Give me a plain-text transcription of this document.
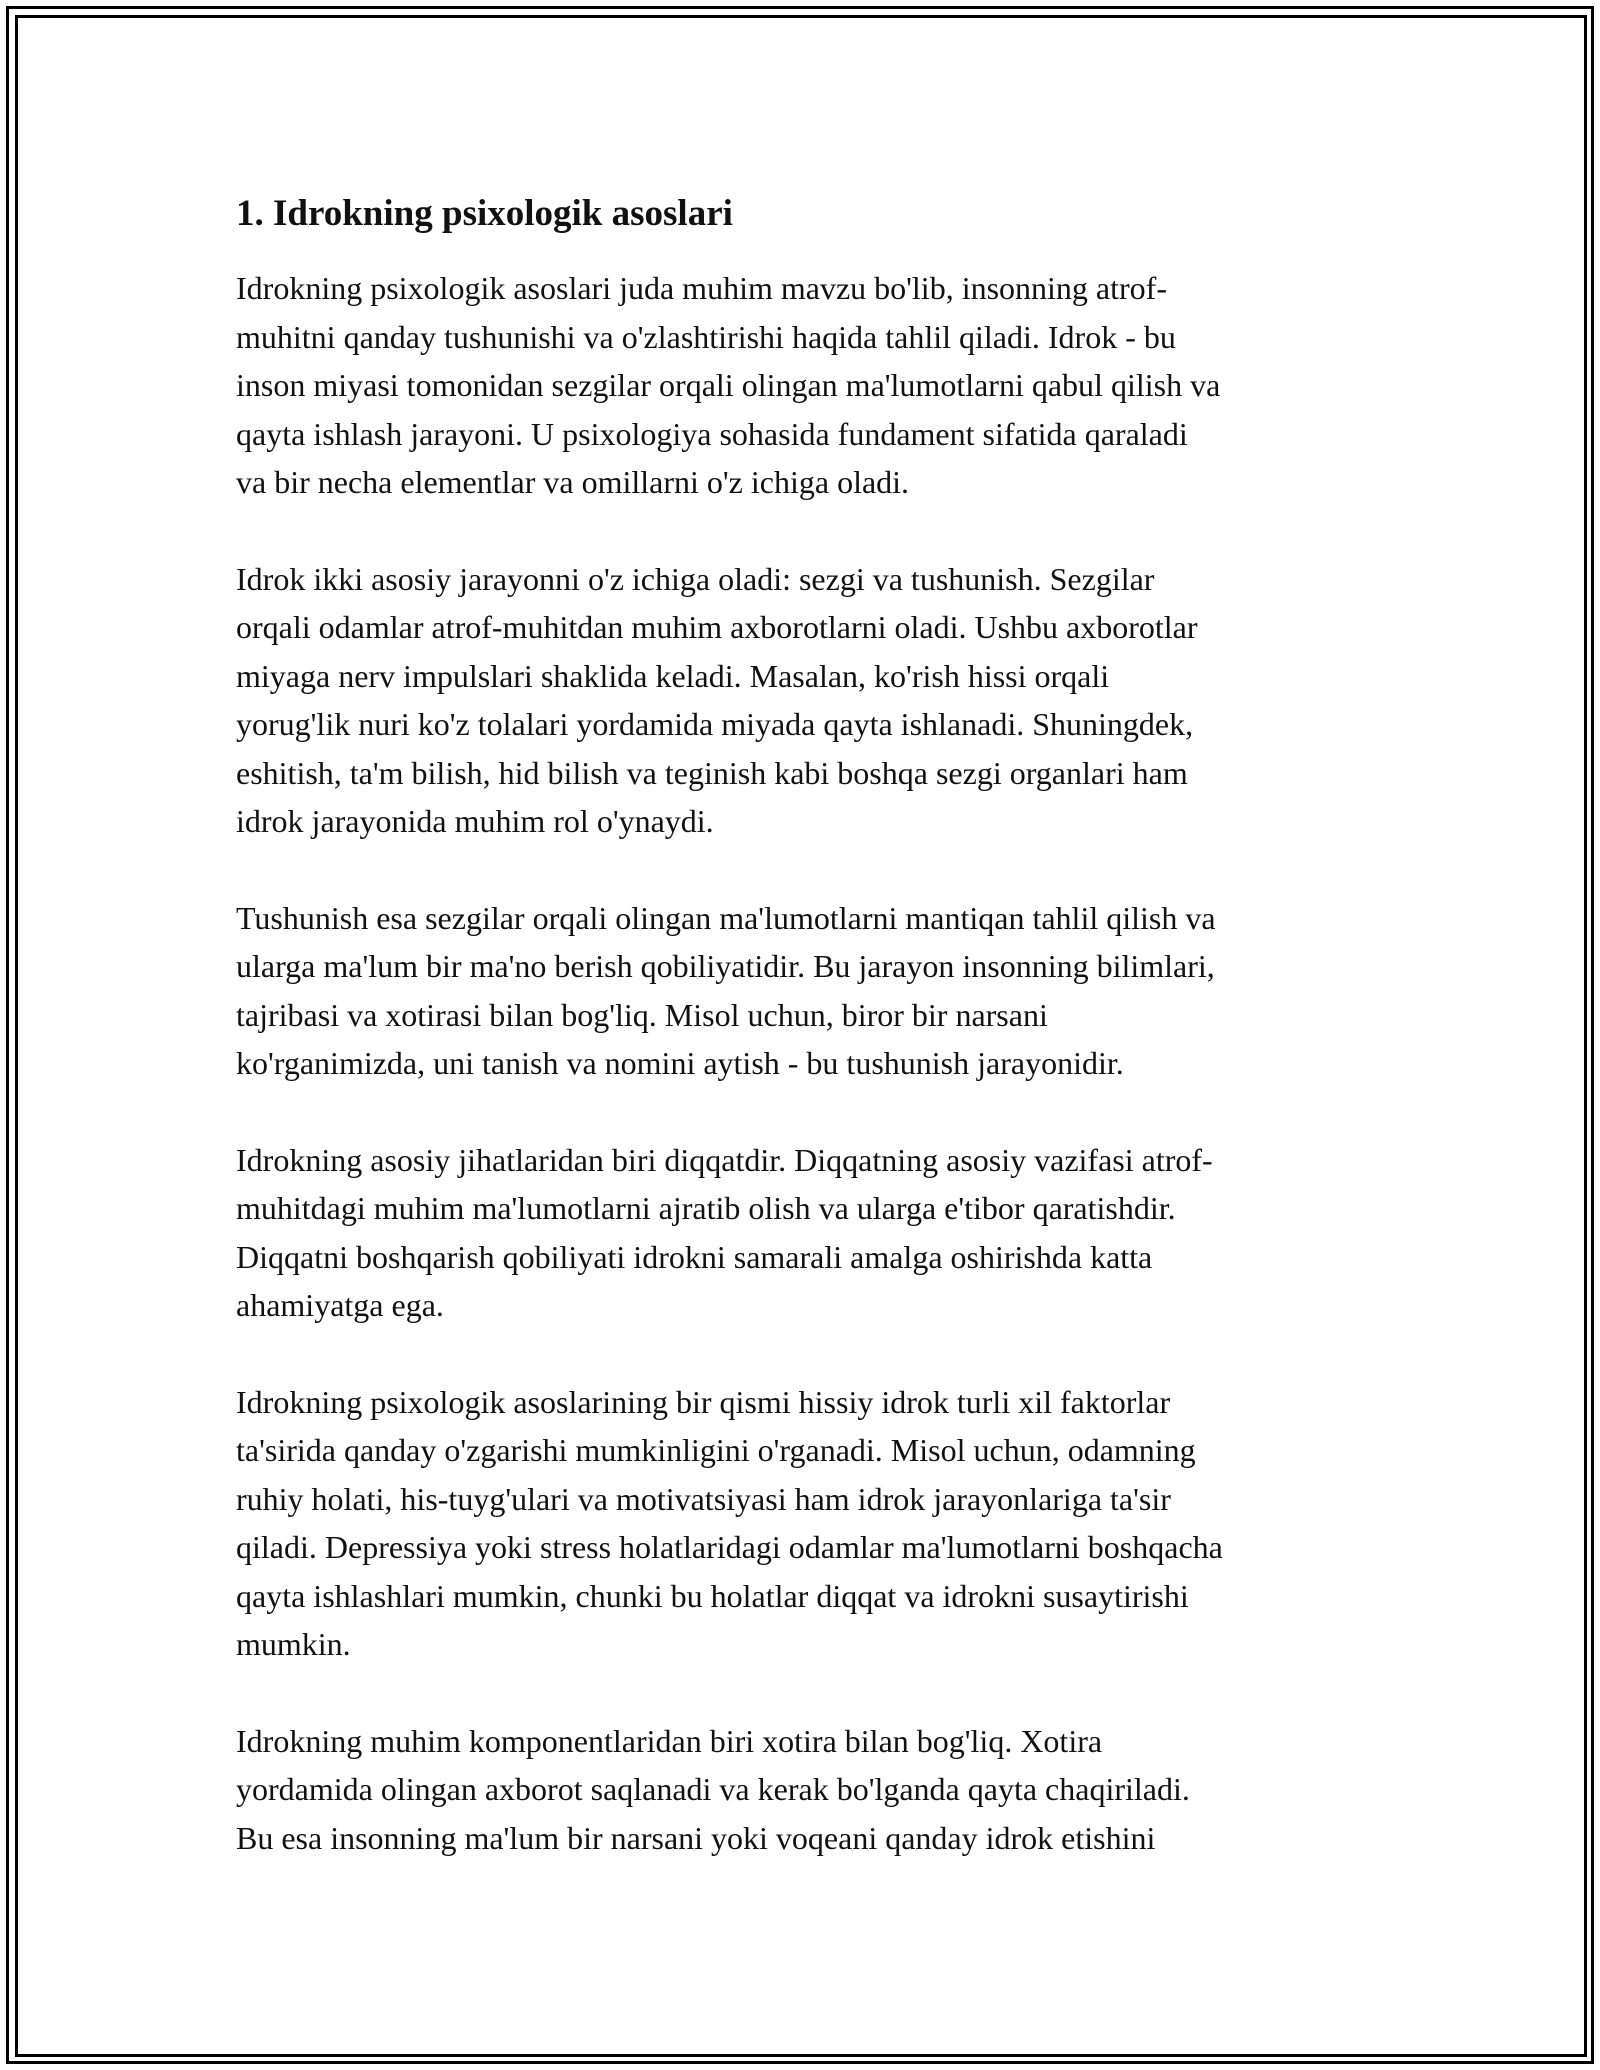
1. Idrokning psixologik asoslari
Idrokning psixologik asoslari juda muhim mavzu bo'lib, insonning atrof-
muhitni qanday tushunishi va o'zlashtirishi haqida tahlil qiladi. Idrok - bu
inson miyasi tomonidan sezgilar orqali olingan ma'lumotlarni qabul qilish va
qayta ishlash jarayoni. U psixologiya sohasida fundament sifatida qaraladi
va bir necha elementlar va omillarni o'z ichiga oladi.
Idrok ikki asosiy jarayonni o'z ichiga oladi: sezgi va tushunish. Sezgilar
orqali odamlar atrof-muhitdan muhim axborotlarni oladi. Ushbu axborotlar
miyaga nerv impulslari shaklida keladi. Masalan, ko'rish hissi orqali
yorug'lik nuri ko'z tolalari yordamida miyada qayta ishlanadi. Shuningdek,
eshitish, ta'm bilish, hid bilish va teginish kabi boshqa sezgi organlari ham
idrok jarayonida muhim rol o'ynaydi.
Tushunish esa sezgilar orqali olingan ma'lumotlarni mantiqan tahlil qilish va
ularga ma'lum bir ma'no berish qobiliyatidir. Bu jarayon insonning bilimlari,
tajribasi va xotirasi bilan bog'liq. Misol uchun, biror bir narsani
ko'rganimizda, uni tanish va nomini aytish - bu tushunish jarayonidir.
Idrokning asosiy jihatlaridan biri diqqatdir. Diqqatning asosiy vazifasi atrof-
muhitdagi muhim ma'lumotlarni ajratib olish va ularga e'tibor qaratishdir.
Diqqatni boshqarish qobiliyati idrokni samarali amalga oshirishda katta
ahamiyatga ega.
Idrokning psixologik asoslarining bir qismi hissiy idrok turli xil faktorlar
ta'sirida qanday o'zgarishi mumkinligini o'rganadi. Misol uchun, odamning
ruhiy holati, his-tuyg'ulari va motivatsiyasi ham idrok jarayonlariga ta'sir
qiladi. Depressiya yoki stress holatlaridagi odamlar ma'lumotlarni boshqacha
qayta ishlashlari mumkin, chunki bu holatlar diqqat va idrokni susaytirishi
mumkin.
Idrokning muhim komponentlaridan biri xotira bilan bog'liq. Xotira
yordamida olingan axborot saqlanadi va kerak bo'lganda qayta chaqiriladi.
Bu esa insonning ma'lum bir narsani yoki voqeani qanday idrok etishini
